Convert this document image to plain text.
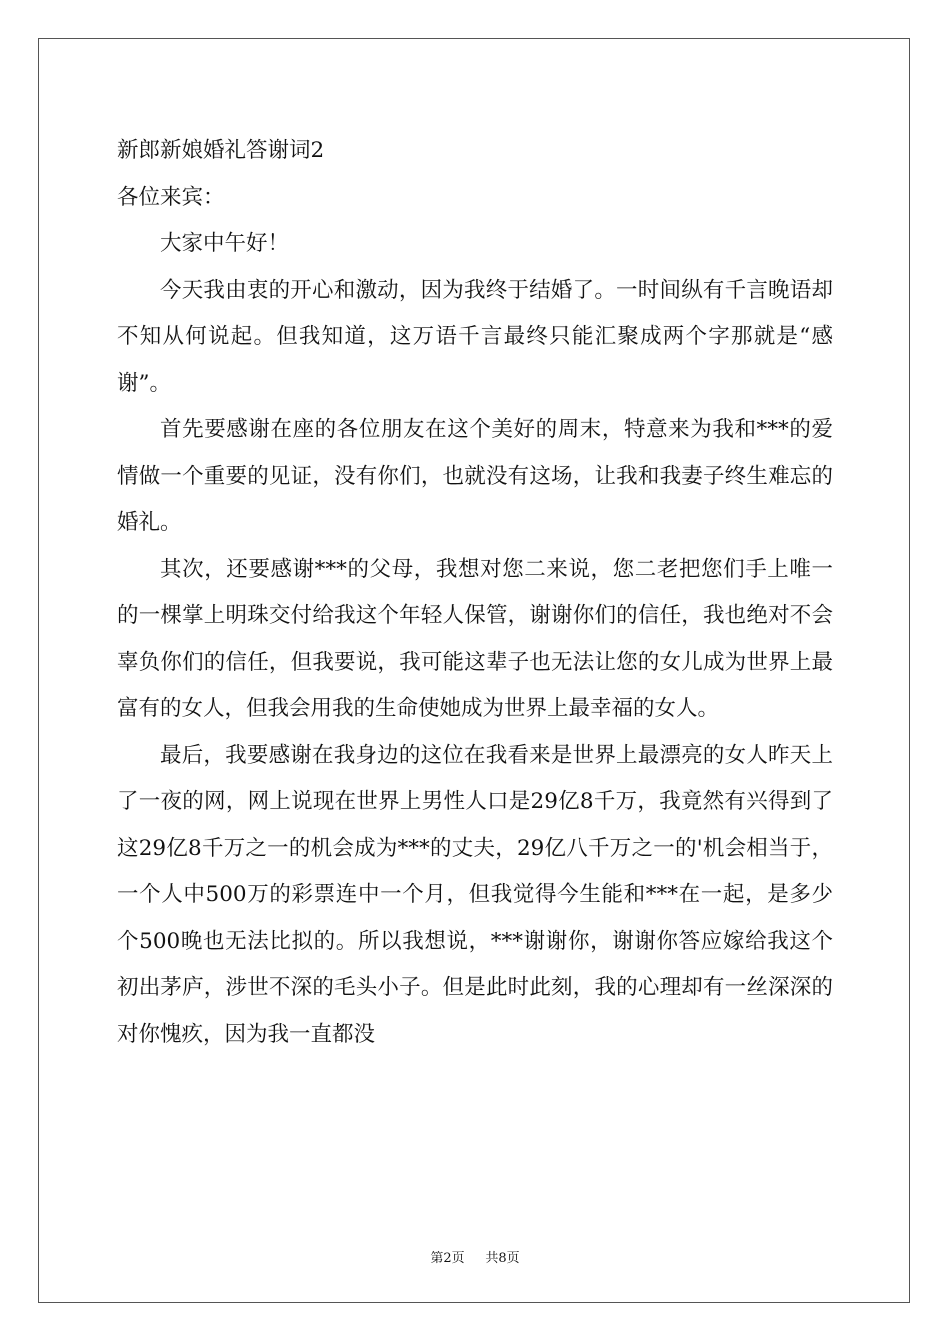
新郎新娘婚礼答谢词2

各位来宾：

大家中午好！

今天我由衷的开心和激动，因为我终于结婚了。一时间纵有千言晚语却不知从何说起。但我知道，这万语千言最终只能汇聚成两个字那就是“感谢”。

首先要感谢在座的各位朋友在这个美好的周末，特意来为我和***的爱情做一个重要的见证，没有你们，也就没有这场，让我和我妻子终生难忘的婚礼。

其次，还要感谢***的父母，我想对您二来说，您二老把您们手上唯一的一棵掌上明珠交付给我这个年轻人保管，谢谢你们的信任，我也绝对不会辜负你们的信任，但我要说，我可能这辈子也无法让您的女儿成为世界上最富有的女人，但我会用我的生命使她成为世界上最幸福的女人。

最后，我要感谢在我身边的这位在我看来是世界上最漂亮的女人昨天上了一夜的网，网上说现在世界上男性人口是29亿8千万，我竟然有兴得到了这29亿8千万之一的机会成为***的丈夫，29亿八千万之一的'机会相当于，一个人中500万的彩票连中一个月，但我觉得今生能和***在一起，是多少个500晚也无法比拟的。所以我想说，***谢谢你，谢谢你答应嫁给我这个初出茅庐，涉世不深的毛头小子。但是此时此刻，我的心理却有一丝深深的对你愧疚，因为我一直都没

第2页 共8页
